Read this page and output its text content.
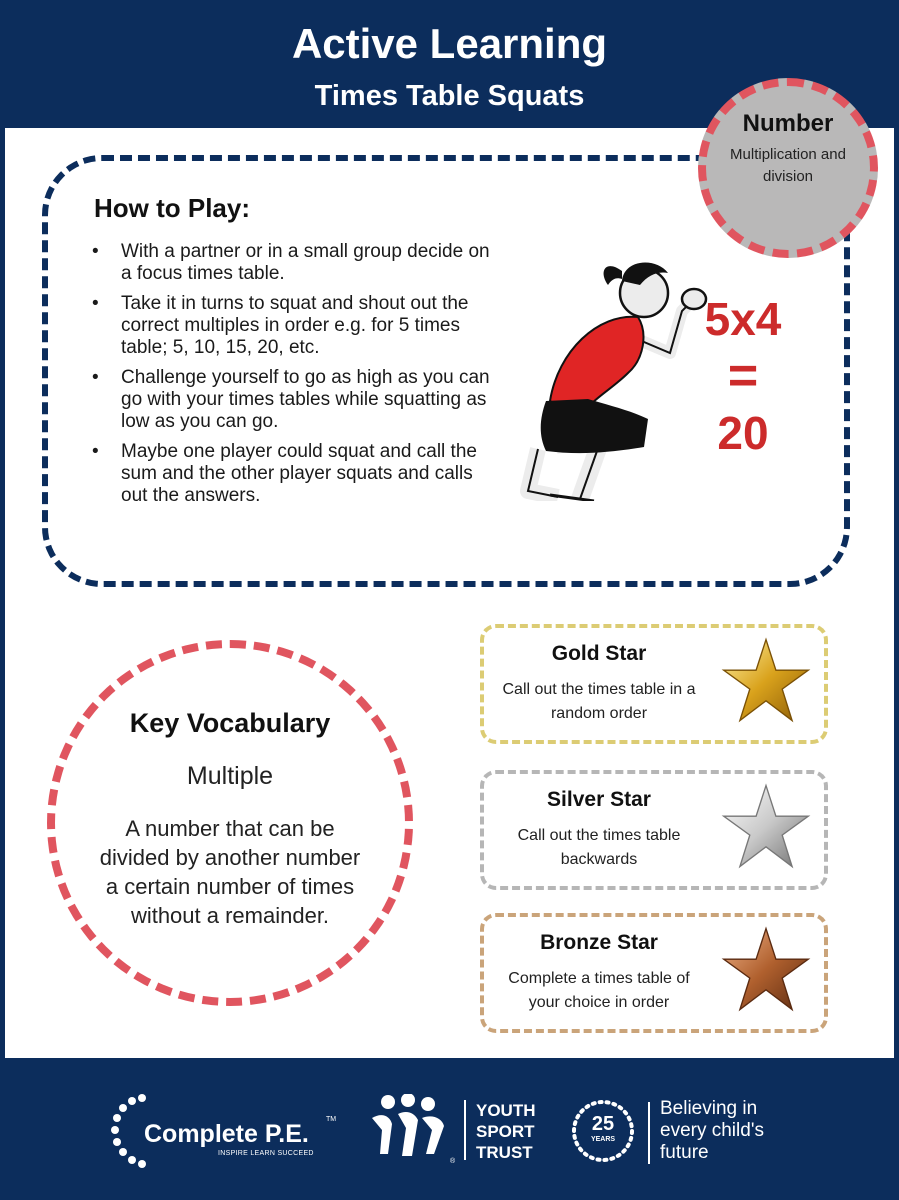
Active Learning
Times Table Squats
Number
Multiplication and division
How to Play:
• With a partner or in a small group decide on a focus times table.
• Take it in turns to squat and shout out the correct multiples in order e.g. for 5 times table; 5, 10, 15, 20, etc.
• Challenge yourself to go as high as you can go with your times tables while squatting as low as you can go.
• Maybe one player could squat and call the sum and the other player squats and calls out the answers.
5x4
=
20
Key Vocabulary
Multiple
A number that can be divided by another number a certain number of times without a remainder.
Gold Star
Call out the times table in a random order
Silver Star
Call out the times table backwards
Bronze Star
Complete a times table of your choice in order
Complete P.E.
TM
INSPIRE LEARN SUCCEED
®
YOUTH
SPORT
TRUST
25
YEARS
Believing in
every child's
future
